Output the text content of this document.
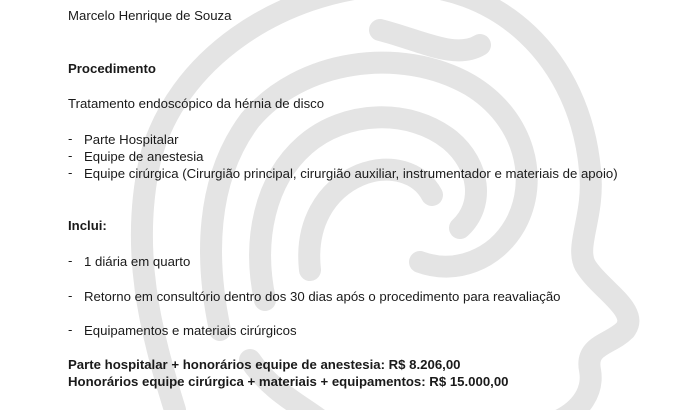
Marcelo Henrique de Souza
Procedimento
Tratamento endoscópico da hérnia de disco
- Parte Hospitalar
- Equipe de anestesia
- Equipe cirúrgica (Cirurgião principal, cirurgião auxiliar, instrumentador e materiais de apoio)
Inclui:
- 1 diária em quarto
- Retorno em consultório dentro dos 30 dias após o procedimento para reavaliação
- Equipamentos e materiais cirúrgicos
Parte hospitalar + honorários equipe de anestesia: R$ 8.206,00
Honorários equipe cirúrgica + materiais + equipamentos: R$ 15.000,00
